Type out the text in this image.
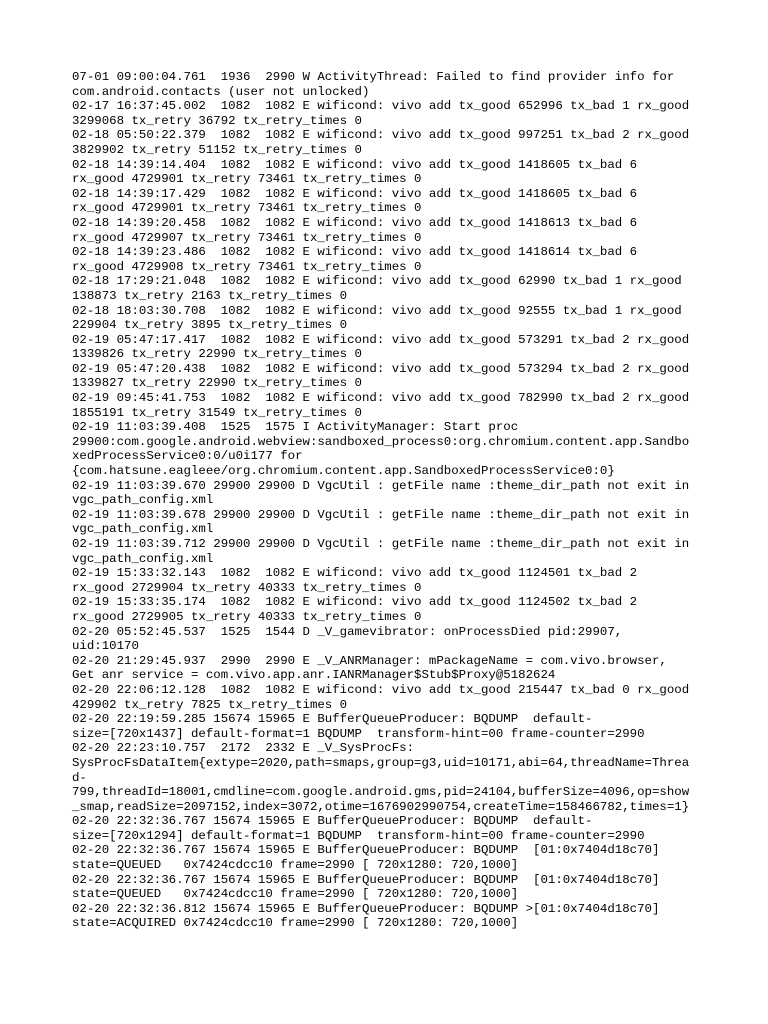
07-01 09:00:04.761  1936  2990 W ActivityThread: Failed to find provider info for
com.android.contacts (user not unlocked)
02-17 16:37:45.002  1082  1082 E wificond: vivo add tx_good 652996 tx_bad 1 rx_good
3299068 tx_retry 36792 tx_retry_times 0
02-18 05:50:22.379  1082  1082 E wificond: vivo add tx_good 997251 tx_bad 2 rx_good
3829902 tx_retry 51152 tx_retry_times 0
02-18 14:39:14.404  1082  1082 E wificond: vivo add tx_good 1418605 tx_bad 6
rx_good 4729901 tx_retry 73461 tx_retry_times 0
02-18 14:39:17.429  1082  1082 E wificond: vivo add tx_good 1418605 tx_bad 6
rx_good 4729901 tx_retry 73461 tx_retry_times 0
02-18 14:39:20.458  1082  1082 E wificond: vivo add tx_good 1418613 tx_bad 6
rx_good 4729907 tx_retry 73461 tx_retry_times 0
02-18 14:39:23.486  1082  1082 E wificond: vivo add tx_good 1418614 tx_bad 6
rx_good 4729908 tx_retry 73461 tx_retry_times 0
02-18 17:29:21.048  1082  1082 E wificond: vivo add tx_good 62990 tx_bad 1 rx_good
138873 tx_retry 2163 tx_retry_times 0
02-18 18:03:30.708  1082  1082 E wificond: vivo add tx_good 92555 tx_bad 1 rx_good
229904 tx_retry 3895 tx_retry_times 0
02-19 05:47:17.417  1082  1082 E wificond: vivo add tx_good 573291 tx_bad 2 rx_good
1339826 tx_retry 22990 tx_retry_times 0
02-19 05:47:20.438  1082  1082 E wificond: vivo add tx_good 573294 tx_bad 2 rx_good
1339827 tx_retry 22990 tx_retry_times 0
02-19 09:45:41.753  1082  1082 E wificond: vivo add tx_good 782990 tx_bad 2 rx_good
1855191 tx_retry 31549 tx_retry_times 0
02-19 11:03:39.408  1525  1575 I ActivityManager: Start proc
29900:com.google.android.webview:sandboxed_process0:org.chromium.content.app.Sandbo
xedProcessService0:0/u0i177 for
{com.hatsune.eagleee/org.chromium.content.app.SandboxedProcessService0:0}
02-19 11:03:39.670 29900 29900 D VgcUtil : getFile name :theme_dir_path not exit in
vgc_path_config.xml
02-19 11:03:39.678 29900 29900 D VgcUtil : getFile name :theme_dir_path not exit in
vgc_path_config.xml
02-19 11:03:39.712 29900 29900 D VgcUtil : getFile name :theme_dir_path not exit in
vgc_path_config.xml
02-19 15:33:32.143  1082  1082 E wificond: vivo add tx_good 1124501 tx_bad 2
rx_good 2729904 tx_retry 40333 tx_retry_times 0
02-19 15:33:35.174  1082  1082 E wificond: vivo add tx_good 1124502 tx_bad 2
rx_good 2729905 tx_retry 40333 tx_retry_times 0
02-20 05:52:45.537  1525  1544 D _V_gamevibrator: onProcessDied pid:29907,
uid:10170
02-20 21:29:45.937  2990  2990 E _V_ANRManager: mPackageName = com.vivo.browser,
Get anr service = com.vivo.app.anr.IANRManager$Stub$Proxy@5182624
02-20 22:06:12.128  1082  1082 E wificond: vivo add tx_good 215447 tx_bad 0 rx_good
429902 tx_retry 7825 tx_retry_times 0
02-20 22:19:59.285 15674 15965 E BufferQueueProducer: BQDUMP  default-
size=[720x1437] default-format=1 BQDUMP  transform-hint=00 frame-counter=2990
02-20 22:23:10.757  2172  2332 E _V_SysProcFs:
SysProcFsDataItem{extype=2020,path=smaps,group=g3,uid=10171,abi=64,threadName=Threa
d-
799,threadId=18001,cmdline=com.google.android.gms,pid=24104,bufferSize=4096,op=show
_smap,readSize=2097152,index=3072,otime=1676902990754,createTime=158466782,times=1}
02-20 22:32:36.767 15674 15965 E BufferQueueProducer: BQDUMP  default-
size=[720x1294] default-format=1 BQDUMP  transform-hint=00 frame-counter=2990
02-20 22:32:36.767 15674 15965 E BufferQueueProducer: BQDUMP  [01:0x7404d18c70]
state=QUEUED   0x7424cdcc10 frame=2990 [ 720x1280: 720,1000]
02-20 22:32:36.767 15674 15965 E BufferQueueProducer: BQDUMP  [01:0x7404d18c70]
state=QUEUED   0x7424cdcc10 frame=2990 [ 720x1280: 720,1000]
02-20 22:32:36.812 15674 15965 E BufferQueueProducer: BQDUMP >[01:0x7404d18c70]
state=ACQUIRED 0x7424cdcc10 frame=2990 [ 720x1280: 720,1000]
